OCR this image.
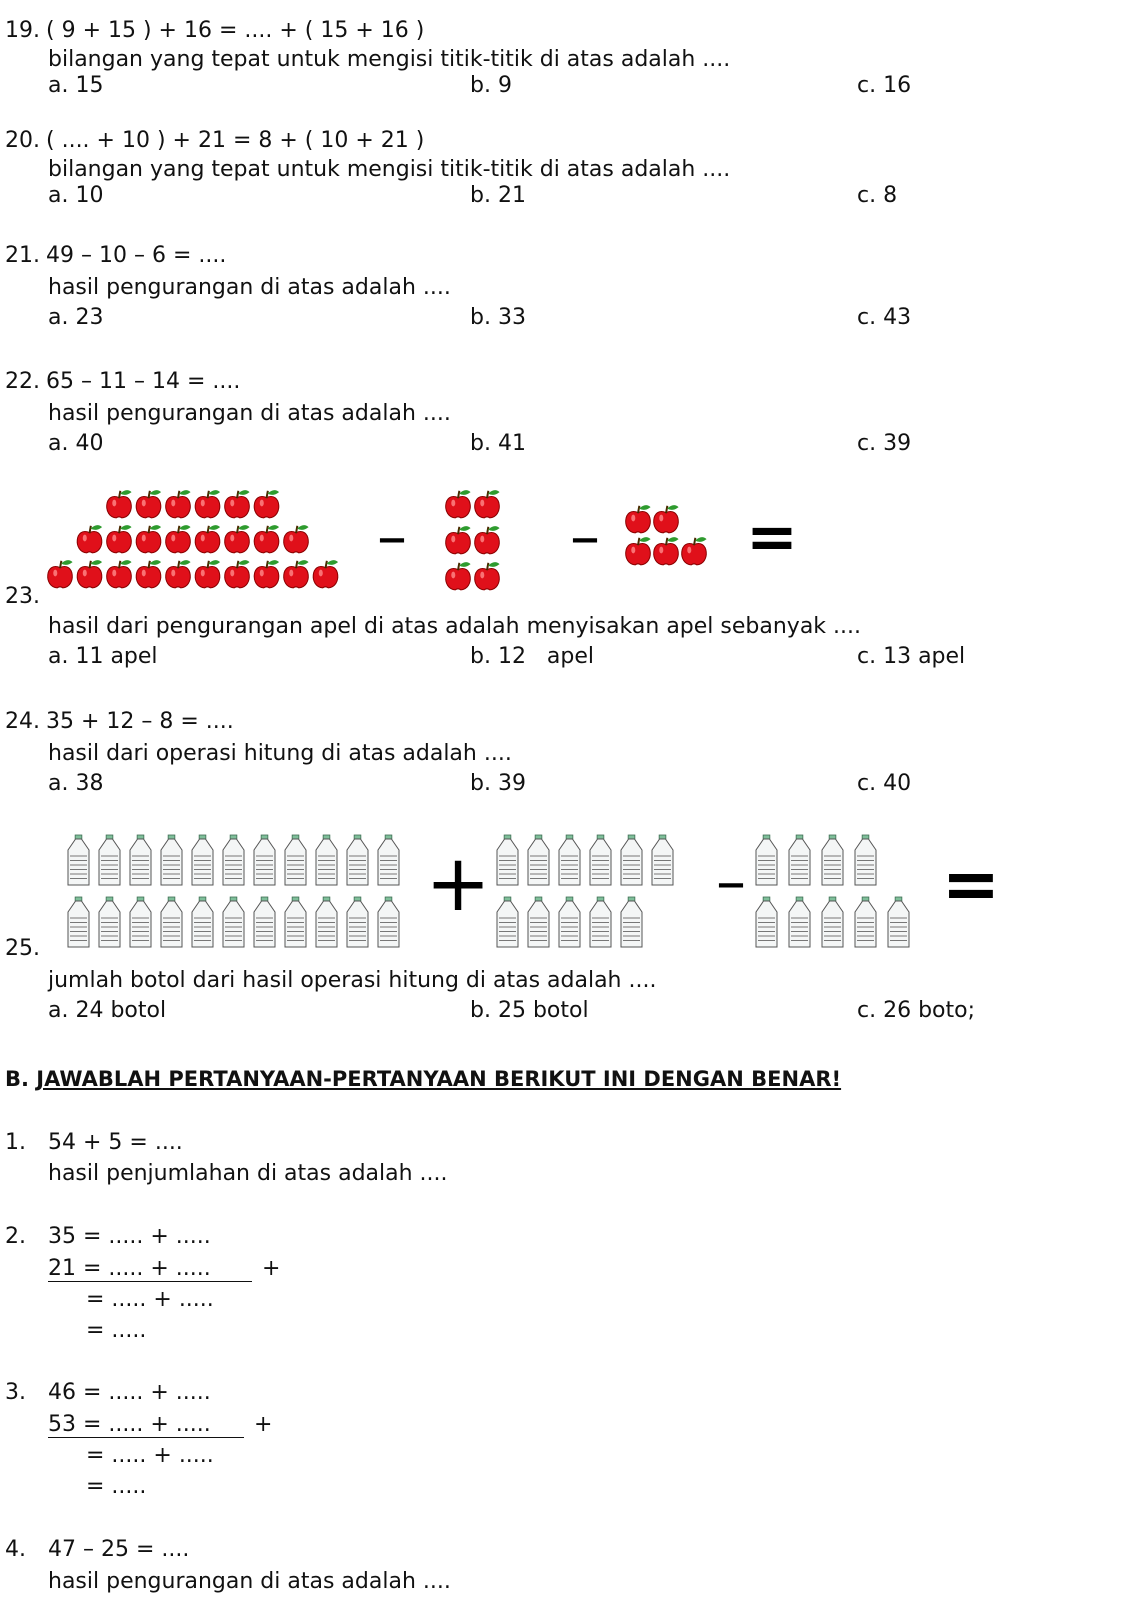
19. ( 9 + 15 ) + 16 = .... + ( 15 + 16 )
bilangan yang tepat untuk mengisi titik-titik di atas adalah ....
a. 15	b. 9	c. 16
20. ( .... + 10 ) + 21 = 8 + ( 10 + 21 )
bilangan yang tepat untuk mengisi titik-titik di atas adalah ....
a. 10	b. 21	c. 8
21. 49 – 10 – 6 = ....
hasil pengurangan di atas adalah ....
a. 23	b. 33	c. 43
22. 65 – 11 – 14 = ....
hasil pengurangan di atas adalah ....
a. 40	b. 41	c. 39
23.
–	– =
hasil dari pengurangan apel di atas adalah menyisakan apel sebanyak ....
a. 11 apel	b. 12   apel	c. 13 apel
24. 35 + 12 – 8 = ....
hasil dari operasi hitung di atas adalah ....
a. 38	b. 39	c. 40
25.
+	–	=
jumlah botol dari hasil operasi hitung di atas adalah ....
a. 24 botol	b. 25 botol	c. 26 boto;
B. JAWABLAH PERTANYAAN-PERTANYAAN BERIKUT INI DENGAN BENAR!
1. 54 + 5 = ....
hasil penjumlahan di atas adalah ....
2. 35 = ..... + .....
21 = ..... + .....	+
= ..... + .....
= .....
3. 46 = ..... + .....
53 = ..... + .....	+
= ..... + .....
= .....
4. 47 – 25 = ....
hasil pengurangan di atas adalah ....
